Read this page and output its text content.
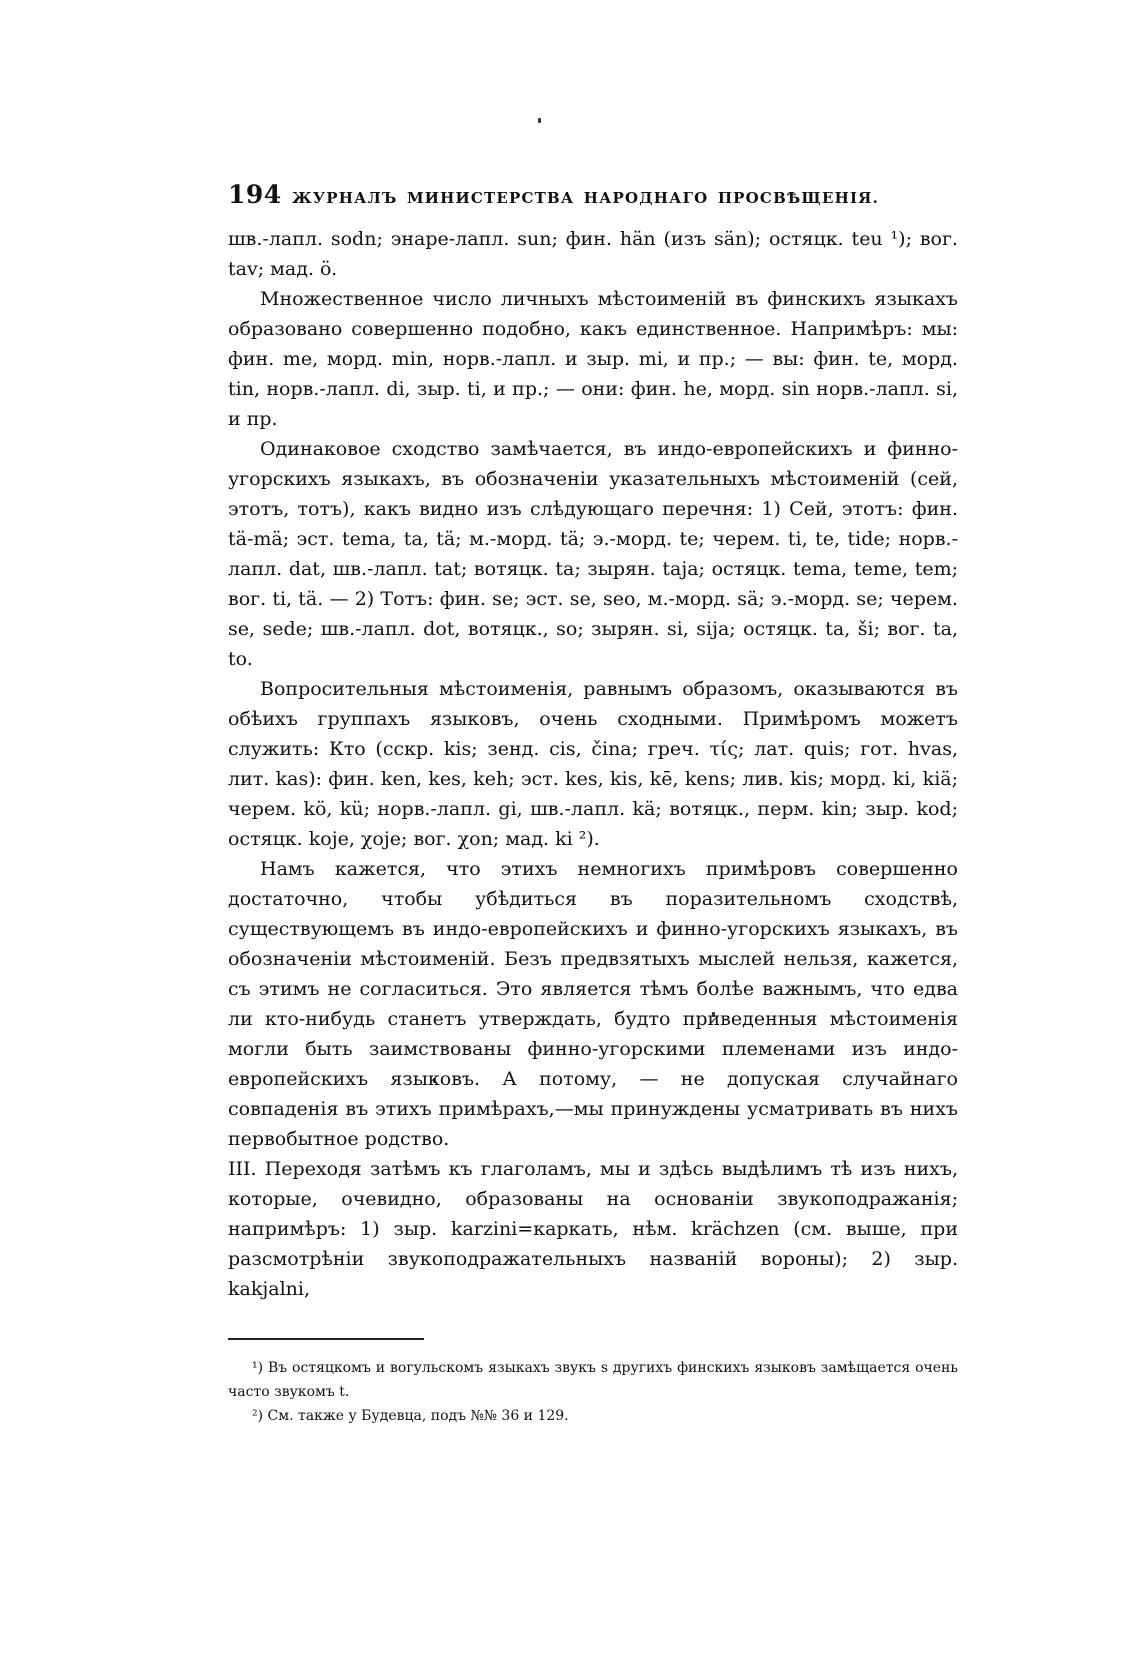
194 ЖУРНАЛЪ МИНИСТЕРСТВА НАРОДНАГО ПРОСВѢЩЕНІЯ.

шв.-лапл. sodn; энаре-лапл. sun; фин. hän (изъ sän); остяцк. teu ¹); вог. tav; мад. ö.

Множественное число личныхъ мѣстоименій въ финскихъ языкахъ образовано совершенно подобно, какъ единственное. Напримѣръ: мы: фин. me, морд. min, норв.-лапл. и зыр. mi, и пр.; — вы: фин. te, морд. tin, норв.-лапл. di, зыр. ti, и пр.; — они: фин. he, морд. sin норв.-лапл. si, и пр.

Одинаковое сходство замѣчается, въ индо-европейскихъ и финно-угорскихъ языкахъ, въ обозначеніи указательныхъ мѣстоименій (сей, этотъ, тотъ), какъ видно изъ слѣдующаго перечня: 1) Сей, этотъ: фин. tä-mä; эст. tema, ta, tä; м.-морд. tä; э.-морд. te; черем. ti, te, tide; норв.-лапл. dat, шв.-лапл. tat; вотяцк. ta; зырян. taja; остяцк. tema, teme, tem; вог. ti, tä. — 2) Тотъ: фин. se; эст. se, seo, м.-морд. sä; э.-морд. se; черем. se, sede; шв.-лапл. dot, вотяцк., so; зырян. si, sija; остяцк. ta, ši; вог. ta, to.

Вопросительныя мѣстоименія, равнымъ образомъ, оказываются въ обѣихъ группахъ языковъ, очень сходными. Примѣромъ можетъ служить: Кто (cскр. kis; зенд. cis, čina; греч. τίς; лат. quis; гот. hvas, лит. kas): фин. ken, kes, keh; эст. kes, kis, kē, kens; лив. kis; морд. ki, kiä; черем. kö, kü; норв.-лапл. gi, шв.-лапл. kä; вотяцк., перм. kin; зыр. kod; остяцк. koje, χoje; вог. χon; мад. ki ²).

Намъ кажется, что этихъ немногихъ примѣровъ совершенно достаточно, чтобы убѣдиться въ поразительномъ сходствѣ, существующемъ въ индо-европейскихъ и финно-угорскихъ языкахъ, въ обозначеніи мѣстоименій. Безъ предвзятыхъ мыслей нельзя, кажется, съ этимъ не согласиться. Это является тѣмъ болѣе важнымъ, что едва ли кто-нибудь станетъ утверждать, будто приведенныя мѣстоименія могли быть заимствованы финно-угорскими племенами изъ индо-европейскихъ языковъ. А потому, — не допуская случайнаго совпаденія въ этихъ примѣрахъ,—мы принуждены усматривать въ нихъ первобытное родство.

III. Переходя затѣмъ къ глаголамъ, мы и здѣсь выдѣлимъ тѣ изъ нихъ, которые, очевидно, образованы на основаніи звукоподражанія; напримѣръ: 1) зыр. karzini=каркать, нѣм. krächzen (см. выше, при разсмотрѣніи звукоподражательныхъ названій вороны); 2) зыр. kakjalni,

¹) Въ остяцкомъ и вогульскомъ языкахъ звукъ s другихъ финскихъ языковъ замѣщается очень часто звукомъ t.

²) См. также у Будевца, подъ №№ 36 и 129.
